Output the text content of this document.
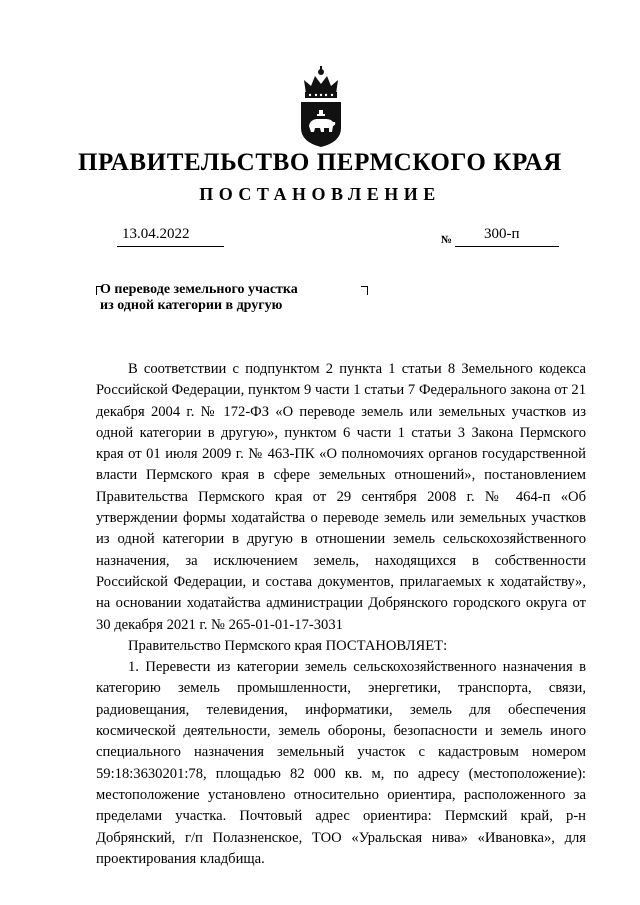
ПРАВИТЕЛЬСТВО ПЕРМСКОГО КРАЯ
ПОСТАНОВЛЕНИЕ
13.04.2022	№ 300-п
О переводе земельного участка
из одной категории в другую

В соответствии с подпунктом 2 пункта 1 статьи 8 Земельного кодекса Российской Федерации, пунктом 9 части 1 статьи 7 Федерального закона от 21 декабря 2004 г. № 172-ФЗ «О переводе земель или земельных участков из одной категории в другую», пунктом 6 части 1 статьи 3 Закона Пермского края от 01 июля 2009 г. № 463-ПК «О полномочиях органов государственной власти Пермского края в сфере земельных отношений», постановлением Правительства Пермского края от 29 сентября 2008 г. № 464-п «Об утверждении формы ходатайства о переводе земель или земельных участков из одной категории в другую в отношении земель сельскохозяйственного назначения, за исключением земель, находящихся в собственности Российской Федерации, и состава документов, прилагаемых к ходатайству», на основании ходатайства администрации Добрянского городского округа от 30 декабря 2021 г. № 265-01-01-17-3031

Правительство Пермского края ПОСТАНОВЛЯЕТ:

1. Перевести из категории земель сельскохозяйственного назначения в категорию земель промышленности, энергетики, транспорта, связи, радиовещания, телевидения, информатики, земель для обеспечения космической деятельности, земель обороны, безопасности и земель иного специального назначения земельный участок с кадастровым номером 59:18:3630201:78, площадью 82 000 кв. м, по адресу (местоположение): местоположение установлено относительно ориентира, расположенного за пределами участка. Почтовый адрес ориентира: Пермский край, р-н Добрянский, г/п Полазненское, ТОО «Уральская нива» «Ивановка», для проектирования кладбища.
